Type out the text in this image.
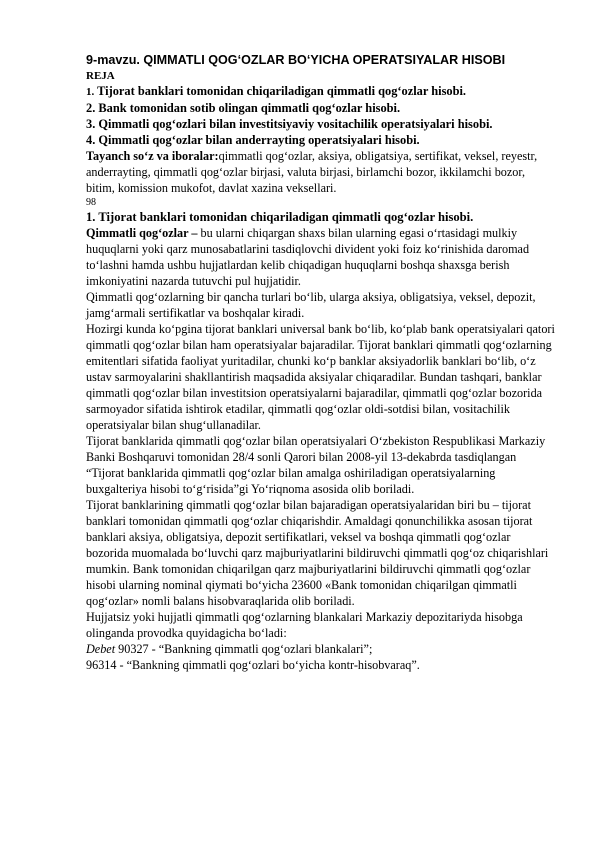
9-mavzu. QIMMATLI QOG‘OZLAR BO‘YICHA OPERATSIYALAR HISOBI

REJA

1. Tijorat banklari tomonidan chiqariladigan qimmatli qog‘ozlar hisobi.

2. Bank tomonidan sotib olingan qimmatli qog‘ozlar hisobi.

3. Qimmatli qog‘ozlari bilan investitsiyaviy vositachilik operatsiyalari hisobi.

4. Qimmatli qog‘ozlar bilan anderrayting operatsiyalari hisobi.

Tayanch so‘z va iboralar:qimmatli qog‘ozlar, aksiya, obligatsiya, sertifikat, veksel, reyestr, anderrayting, qimmatli qog‘ozlar birjasi, valuta birjasi, birlamchi bozor, ikkilamchi bozor, bitim, komission mukofot, davlat xazina veksellari.

98

1. Tijorat banklari tomonidan chiqariladigan qimmatli qog‘ozlar hisobi.

Qimmatli qog‘ozlar – bu ularni chiqargan shaxs bilan ularning egasi o‘rtasidagi mulkiy huquqlarni yoki qarz munosabatlarini tasdiqlovchi divident yoki foiz ko‘rinishida daromad to‘lashni hamda ushbu hujjatlardan kelib chiqadigan huquqlarni boshqa shaxsga berish imkoniyatini nazarda tutuvchi pul hujjatidir.

Qimmatli qog‘ozlarning bir qancha turlari bo‘lib, ularga aksiya, obligatsiya, veksel, depozit, jamg‘armali sertifikatlar va boshqalar kiradi.

Hozirgi kunda ko‘pgina tijorat banklari universal bank bo‘lib, ko‘plab bank operatsiyalari qatori qimmatli qog‘ozlar bilan ham operatsiyalar bajaradilar. Tijorat banklari qimmatli qog‘ozlarning emitentlari sifatida faoliyat yuritadilar, chunki ko‘p banklar aksiyadorlik banklari bo‘lib, o‘z ustav sarmoyalarini shakllantirish maqsadida aksiyalar chiqaradilar. Bundan tashqari, banklar qimmatli qog‘ozlar bilan investitsion operatsiyalarni bajaradilar, qimmatli qog‘ozlar bozorida sarmoyador sifatida ishtirok etadilar, qimmatli qog‘ozlar oldi-sotdisi bilan, vositachilik operatsiyalar bilan shug‘ullanadilar.

Tijorat banklarida qimmatli qog‘ozlar bilan operatsiyalari O‘zbekiston Respublikasi Markaziy Banki Boshqaruvi tomonidan 28/4 sonli Qarori bilan 2008-yil 13-dekabrda tasdiqlangan “Tijorat banklarida qimmatli qog‘ozlar bilan amalga oshiriladigan operatsiyalarning buxgalteriya hisobi to‘g‘risida”gi Yo‘riqnoma asosida olib boriladi.

Tijorat banklarining qimmatli qog‘ozlar bilan bajaradigan operatsiyalaridan biri bu – tijorat banklari tomonidan qimmatli qog‘ozlar chiqarishdir. Amaldagi qonunchilikka asosan tijorat banklari aksiya, obligatsiya, depozit sertifikatlari, veksel va boshqa qimmatli qog‘ozlar bozorida muomalada bo‘luvchi qarz majburiyatlarini bildiruvchi qimmatli qog‘oz chiqarishlari mumkin. Bank tomonidan chiqarilgan qarz majburiyatlarini bildiruvchi qimmatli qog‘ozlar hisobi ularning nominal qiymati bo‘yicha 23600 «Bank tomonidan chiqarilgan qimmatli qog‘ozlar» nomli balans hisobvaraqlarida olib boriladi.

Hujjatsiz yoki hujjatli qimmatli qog‘ozlarning blankalari Markaziy depozitariyda hisobga olinganda provodka quyidagicha bo‘ladi:

Debet 90327 - “Bankning qimmatli qog‘ozlari blankalari”;

96314 - “Bankning qimmatli qog‘ozlari bo‘yicha kontr-hisobvaraq”.
